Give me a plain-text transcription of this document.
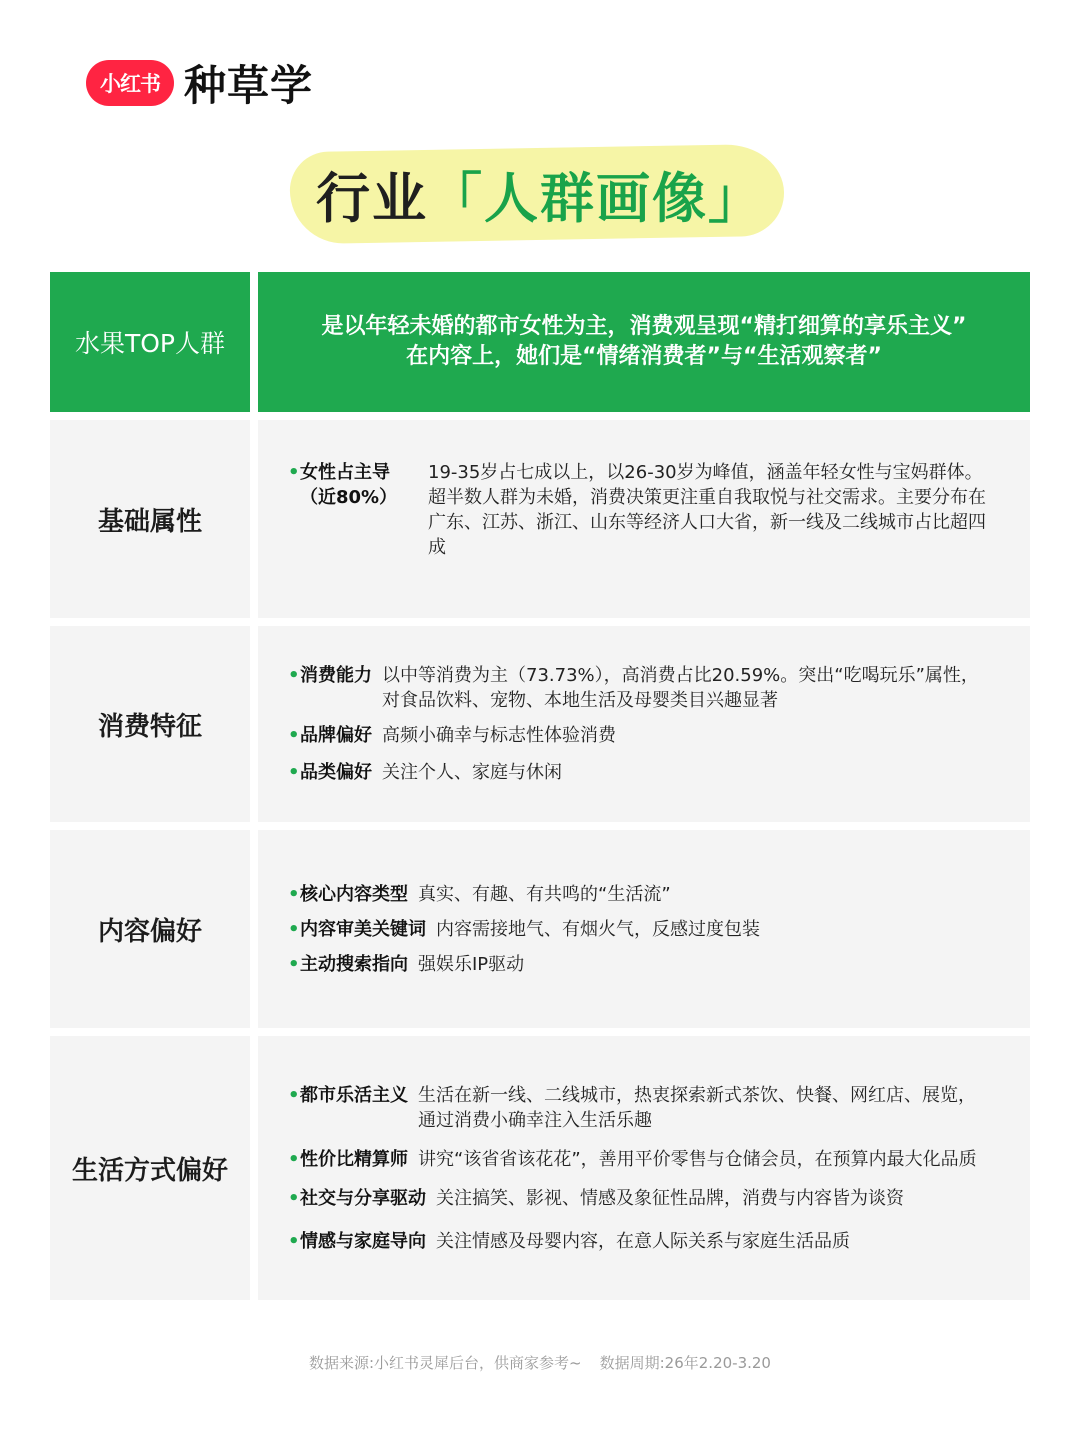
小红书 种草学
行业 「人群画像」
水果TOP人群
是以年轻未婚的都市女性为主，消费观呈现“精打细算的享乐主义”
在内容上，她们是“情绪消费者”与“生活观察者”
基础属性
• 女性占主导（近80%）
19-35岁占七成以上，以26-30岁为峰值，涵盖年轻女性与宝妈群体。超半数人群为未婚，消费决策更注重自我取悦与社交需求。主要分布在广东、江苏、浙江、山东等经济人口大省，新一线及二线城市占比超四成
消费特征
• 消费能力 以中等消费为主（73.73%），高消费占比20.59%。突出“吃喝玩乐”属性，对食品饮料、宠物、本地生活及母婴类目兴趣显著
• 品牌偏好 高频小确幸与标志性体验消费
• 品类偏好 关注个人、家庭与休闲
内容偏好
• 核心内容类型 真实、有趣、有共鸣的“生活流”
• 内容审美关键词 内容需接地气、有烟火气，反感过度包装
• 主动搜索指向 强娱乐IP驱动
生活方式偏好
• 都市乐活主义 生活在新一线、二线城市，热衷探索新式茶饮、快餐、网红店、展览，通过消费小确幸注入生活乐趣
• 性价比精算师 讲究“该省省该花花”，善用平价零售与仓储会员，在预算内最大化品质
• 社交与分享驱动 关注搞笑、影视、情感及象征性品牌，消费与内容皆为谈资
• 情感与家庭导向 关注情感及母婴内容，在意人际关系与家庭生活品质
数据来源:小红书灵犀后台，供商家参考~ 数据周期:26年2.20-3.20
